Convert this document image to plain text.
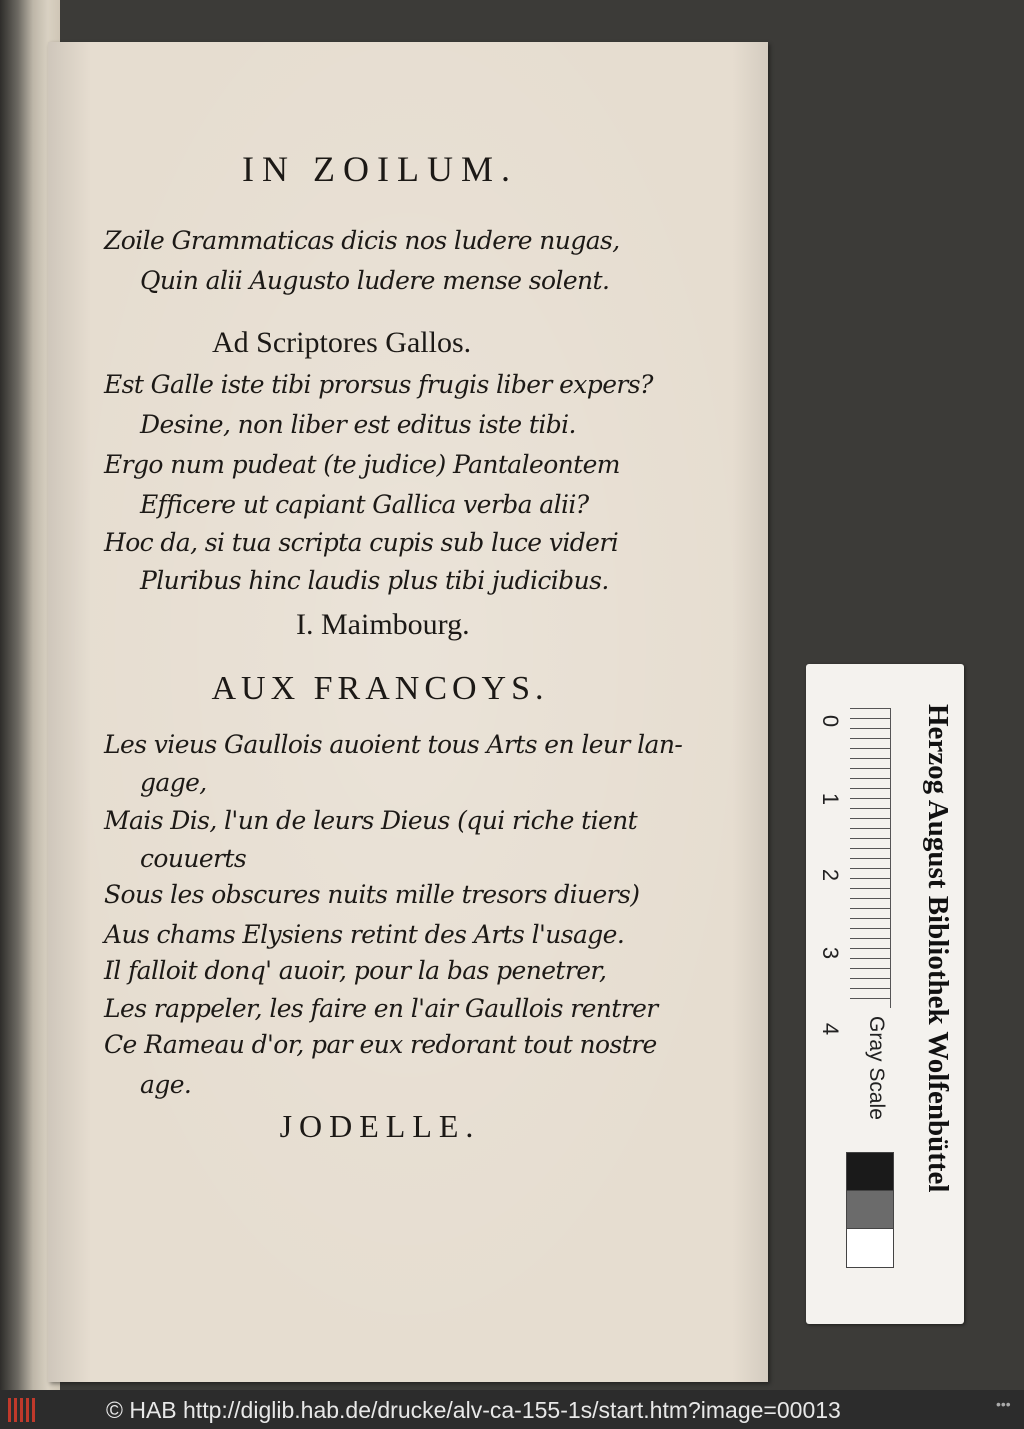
IN ZOILUM.
Zoile Grammaticas dicis nos ludere nugas,
Quin alii Augusto ludere mense solent.
Ad Scriptores Gallos.
Est Galle iste tibi prorsus frugis liber expers?
Desine, non liber est editus iste tibi.
Ergo num pudeat (te judice) Pantaleontem
Efficere ut capiant Gallica verba alii?
Hoc da, si tua scripta cupis sub luce videri
Pluribus hinc laudis plus tibi judicibus.
I. Maimbourg.
AUX FRANCOYS.
Les vieus Gaullois auoient tous Arts en leur lan-
gage,
Mais Dis, l'un de leurs Dieus (qui riche tient
couuerts
Sous les obscures nuits mille tresors diuers)
Aus chams Elysiens retint des Arts l'usage.
Il falloit donq' auoir, pour la bas penetrer,
Les rappeler, les faire en l'air Gaullois rentrer
Ce Rameau d'or, par eux redorant tout nostre
age.
JODELLE.
0
1
2
3
4	Herzog August Bibliothek Wolfenbüttel
Gray Scale
© HAB http://diglib.hab.de/drucke/alv-ca-155-1s/start.htm?image=00013	•••
